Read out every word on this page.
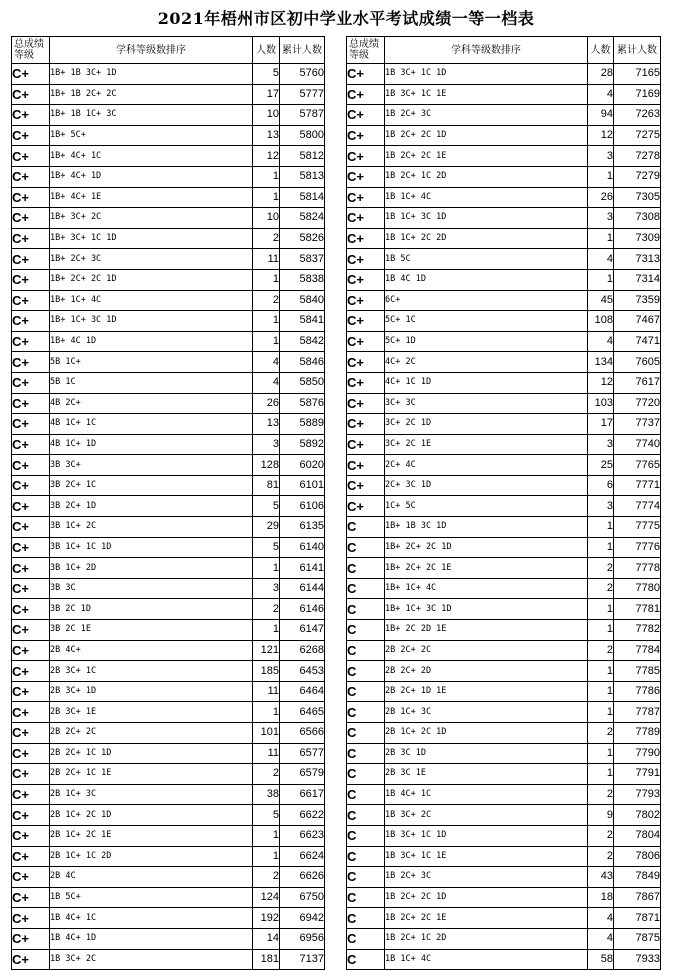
2021年梧州市区初中学业水平考试成绩一等一档表
总成绩
等级	学科等级数排序	人数	累计人数
C+	1B+ 1B 3C+ 1D	5	5760
C+	1B+ 1B 2C+ 2C	17	5777
C+	1B+ 1B 1C+ 3C	10	5787
C+	1B+ 5C+	13	5800
C+	1B+ 4C+ 1C	12	5812
C+	1B+ 4C+ 1D	1	5813
C+	1B+ 4C+ 1E	1	5814
C+	1B+ 3C+ 2C	10	5824
C+	1B+ 3C+ 1C 1D	2	5826
C+	1B+ 2C+ 3C	11	5837
C+	1B+ 2C+ 2C 1D	1	5838
C+	1B+ 1C+ 4C	2	5840
C+	1B+ 1C+ 3C 1D	1	5841
C+	1B+ 4C 1D	1	5842
C+	5B 1C+	4	5846
C+	5B 1C	4	5850
C+	4B 2C+	26	5876
C+	4B 1C+ 1C	13	5889
C+	4B 1C+ 1D	3	5892
C+	3B 3C+	128	6020
C+	3B 2C+ 1C	81	6101
C+	3B 2C+ 1D	5	6106
C+	3B 1C+ 2C	29	6135
C+	3B 1C+ 1C 1D	5	6140
C+	3B 1C+ 2D	1	6141
C+	3B 3C	3	6144
C+	3B 2C 1D	2	6146
C+	3B 2C 1E	1	6147
C+	2B 4C+	121	6268
C+	2B 3C+ 1C	185	6453
C+	2B 3C+ 1D	11	6464
C+	2B 3C+ 1E	1	6465
C+	2B 2C+ 2C	101	6566
C+	2B 2C+ 1C 1D	11	6577
C+	2B 2C+ 1C 1E	2	6579
C+	2B 1C+ 3C	38	6617
C+	2B 1C+ 2C 1D	5	6622
C+	2B 1C+ 2C 1E	1	6623
C+	2B 1C+ 1C 2D	1	6624
C+	2B 4C	2	6626
C+	1B 5C+	124	6750
C+	1B 4C+ 1C	192	6942
C+	1B 4C+ 1D	14	6956
C+	1B 3C+ 2C	181	7137
总成绩
等级	学科等级数排序	人数	累计人数
C+	1B 3C+ 1C 1D	28	7165
C+	1B 3C+ 1C 1E	4	7169
C+	1B 2C+ 3C	94	7263
C+	1B 2C+ 2C 1D	12	7275
C+	1B 2C+ 2C 1E	3	7278
C+	1B 2C+ 1C 2D	1	7279
C+	1B 1C+ 4C	26	7305
C+	1B 1C+ 3C 1D	3	7308
C+	1B 1C+ 2C 2D	1	7309
C+	1B 5C	4	7313
C+	1B 4C 1D	1	7314
C+	6C+	45	7359
C+	5C+ 1C	108	7467
C+	5C+ 1D	4	7471
C+	4C+ 2C	134	7605
C+	4C+ 1C 1D	12	7617
C+	3C+ 3C	103	7720
C+	3C+ 2C 1D	17	7737
C+	3C+ 2C 1E	3	7740
C+	2C+ 4C	25	7765
C+	2C+ 3C 1D	6	7771
C+	1C+ 5C	3	7774
C	1B+ 1B 3C 1D	1	7775
C	1B+ 2C+ 2C 1D	1	7776
C	1B+ 2C+ 2C 1E	2	7778
C	1B+ 1C+ 4C	2	7780
C	1B+ 1C+ 3C 1D	1	7781
C	1B+ 2C 2D 1E	1	7782
C	2B 2C+ 2C	2	7784
C	2B 2C+ 2D	1	7785
C	2B 2C+ 1D 1E	1	7786
C	2B 1C+ 3C	1	7787
C	2B 1C+ 2C 1D	2	7789
C	2B 3C 1D	1	7790
C	2B 3C 1E	1	7791
C	1B 4C+ 1C	2	7793
C	1B 3C+ 2C	9	7802
C	1B 3C+ 1C 1D	2	7804
C	1B 3C+ 1C 1E	2	7806
C	1B 2C+ 3C	43	7849
C	1B 2C+ 2C 1D	18	7867
C	1B 2C+ 2C 1E	4	7871
C	1B 2C+ 1C 2D	4	7875
C	1B 1C+ 4C	58	7933
